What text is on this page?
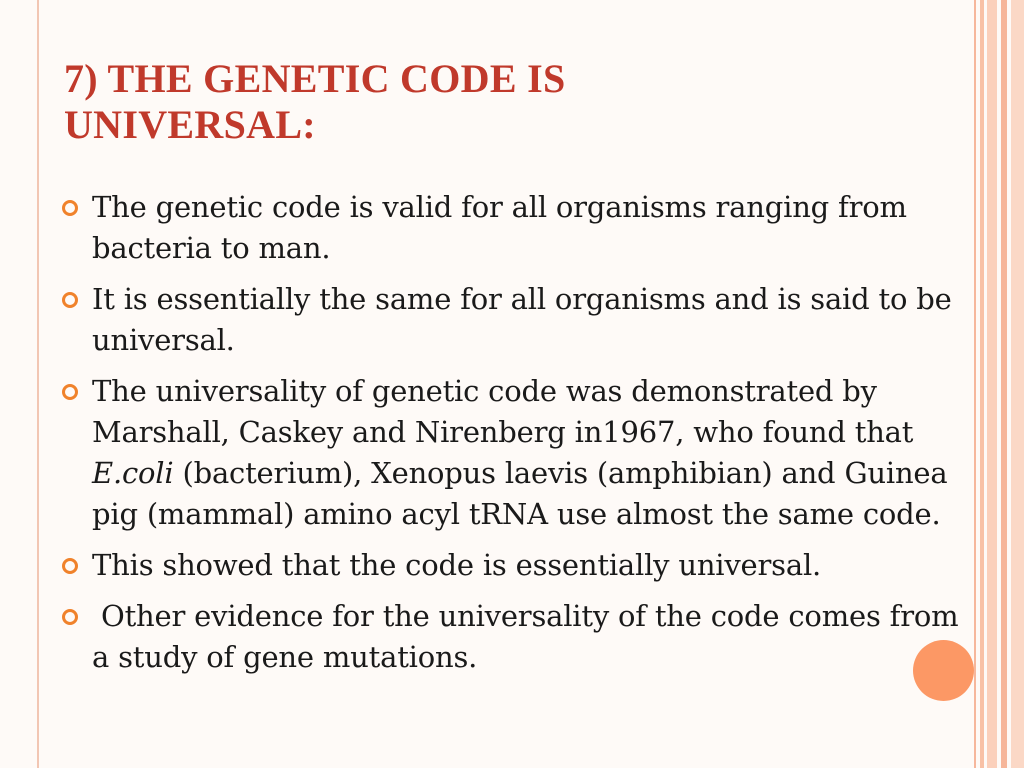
7) THE GENETIC CODE IS
UNIVERSAL:
The genetic code is valid for all organisms ranging from bacteria to man.
It is essentially the same for all organisms and is said to be universal.
The universality of genetic code was demonstrated by Marshall, Caskey and Nirenberg in1967, who found that E.coli (bacterium), Xenopus laevis (amphibian) and Guinea pig (mammal) amino acyl tRNA use almost the same code.
This showed that the code is essentially universal.
Other evidence for the universality of the code comes from a study of gene mutations.
